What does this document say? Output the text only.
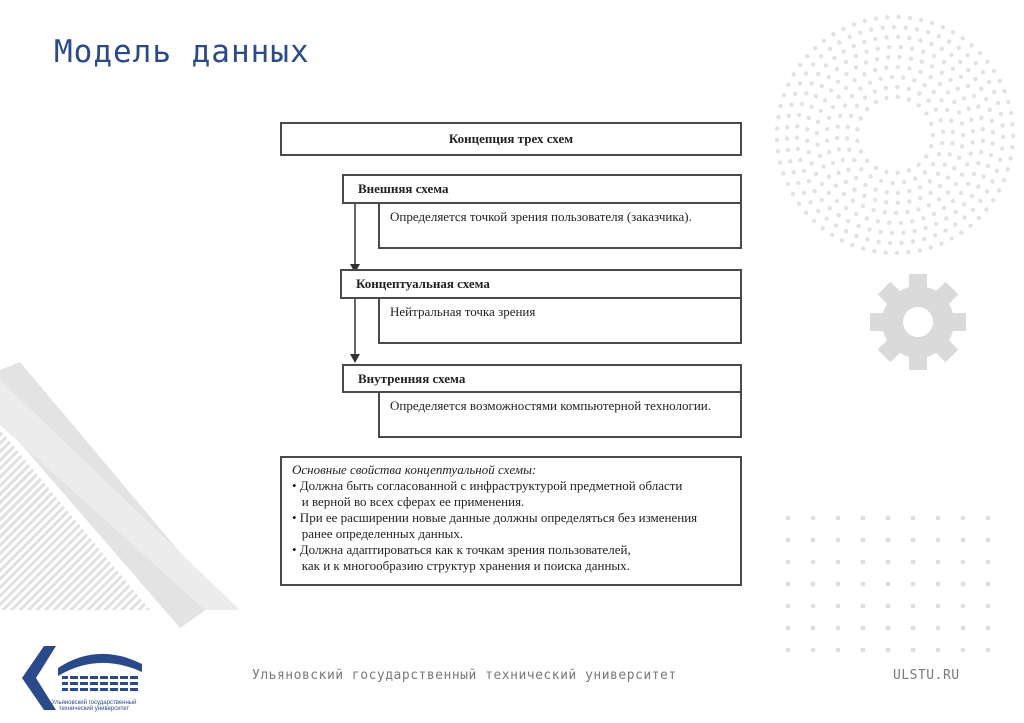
Модель данных
Концепция трех схем
Определяется точкой зрения пользователя (заказчика).
Внешняя схема
Нейтральная точка зрения
Концептуальная схема
Определяется возможностями компьютерной технологии.
Внутренняя схема
Основные свойства концептуальной схемы:
• Должна быть согласованной с инфраструктурой предметной области
и верной во всех сферах ее применения.
• При ее расширении новые данные должны определяться без изменения
ранее определенных данных.
• Должна адаптироваться как к точкам зрения пользователей,
как и к многообразию структур хранения и поиска данных.
Ульяновский государственный
технический университет
Ульяновский государственный технический университет	ULSTU.RU
